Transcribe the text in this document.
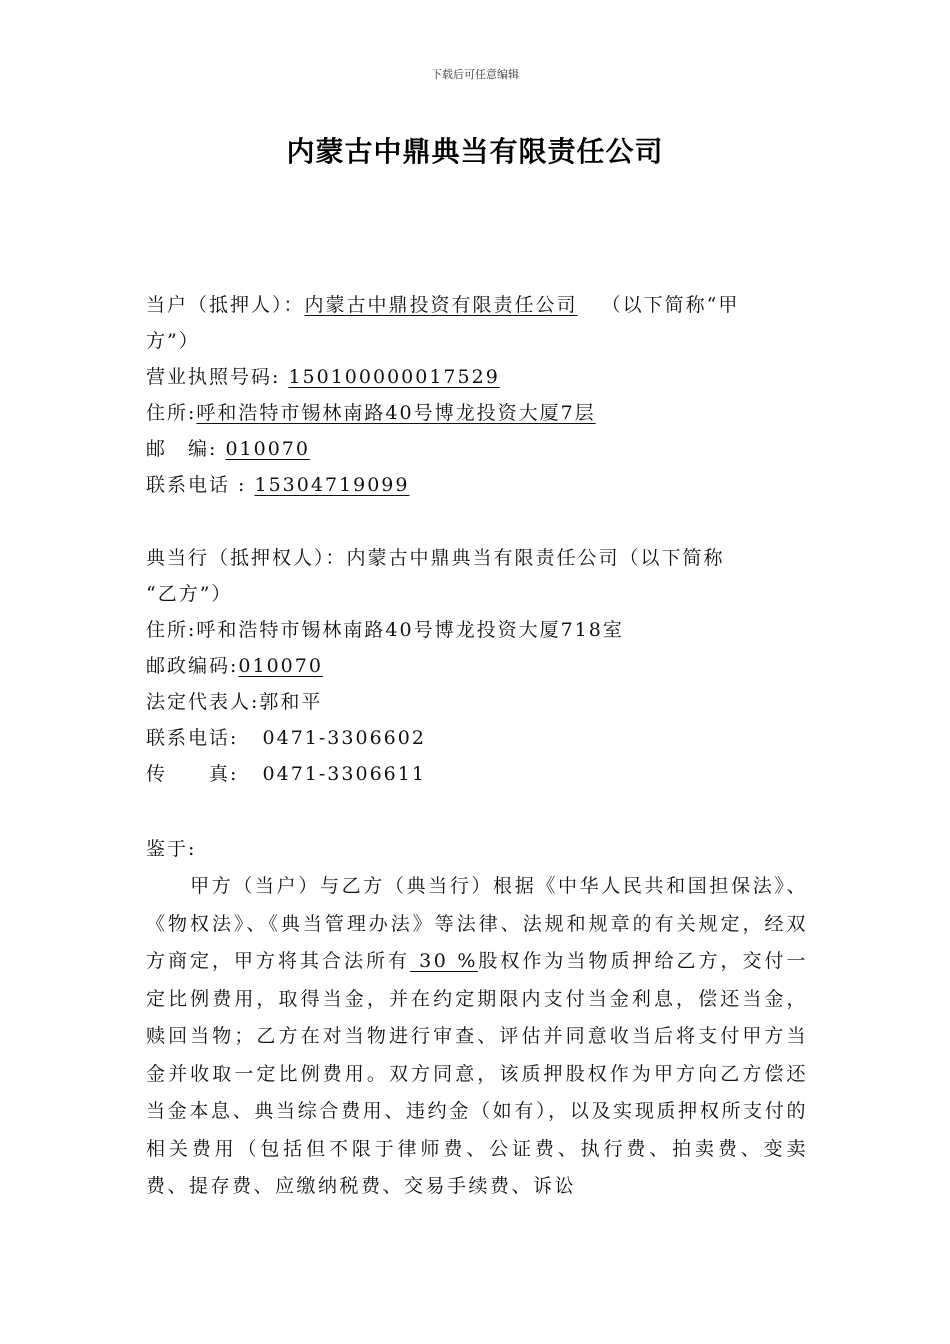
下载后可任意编辑
内蒙古中鼎典当有限责任公司
当户（抵押人）：内蒙古中鼎投资有限责任公司 （以下简称“甲
方”）
营业执照号码: 150100000017529
住所:呼和浩特市锡林南路40号博龙投资大厦7层
邮　编: 010070
联系电话 : 15304719099
典当行（抵押权人）：内蒙古中鼎典当有限责任公司（以下简称
“乙方”）
住所:呼和浩特市锡林南路40号博龙投资大厦718室
邮政编码:010070
法定代表人:郭和平
联系电话: 0471-3306602
传　　真: 0471-3306611
鉴于:
甲方（当户）与乙方（典当行）根据《中华人民共和国担保法》、《物权法》、《典当管理办法》等法律、法规和规章的有关规定，经双方商定，甲方将其合法所有 30 %股权作为当物质押给乙方，交付一定比例费用，取得当金，并在约定期限内支付当金利息，偿还当金，赎回当物；乙方在对当物进行审查、评估并同意收当后将支付甲方当金并收取一定比例费用。双方同意，该质押股权作为甲方向乙方偿还当金本息、典当综合费用、违约金（如有），以及实现质押权所支付的相关费用（包括但不限于律师费、公证费、执行费、拍卖费、变卖费、提存费、应缴纳税费、交易手续费、诉讼
